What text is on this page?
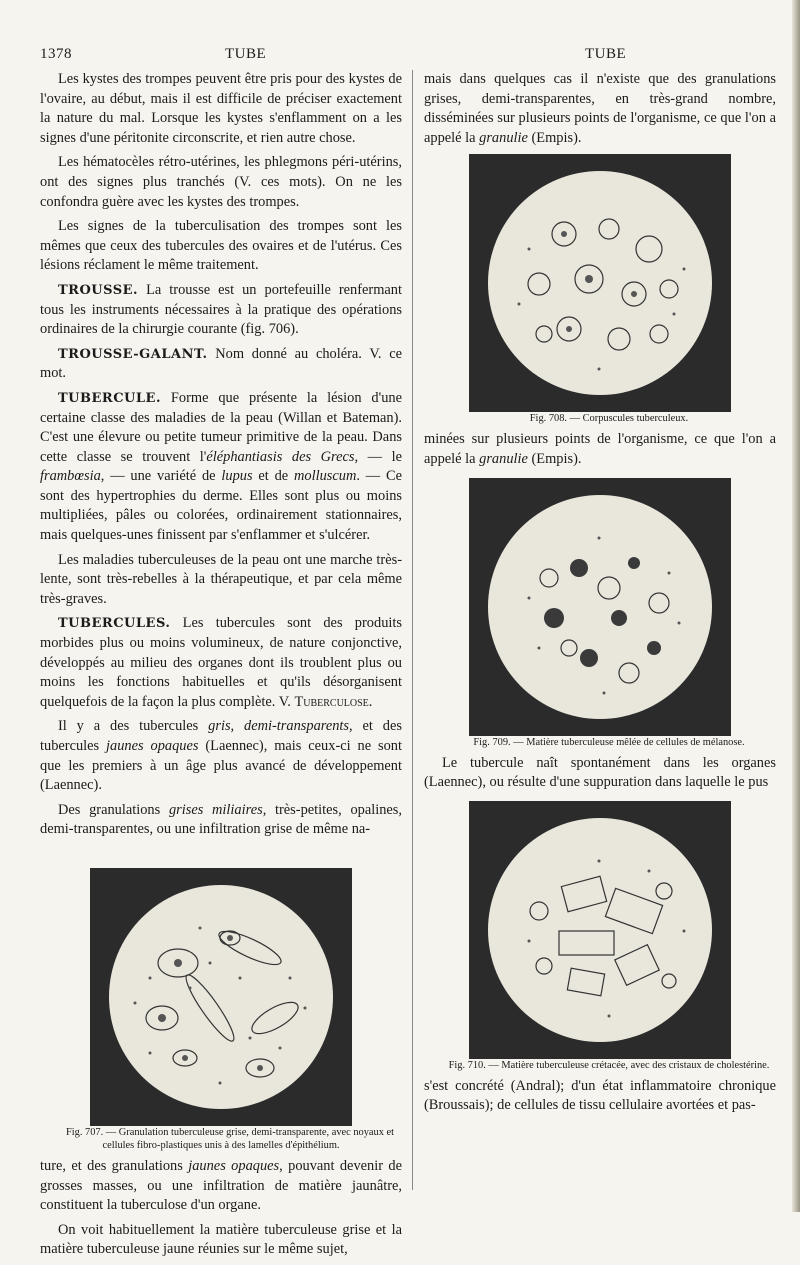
1378	TUBE	TUBE

Les kystes des trompes peuvent être pris pour des kystes de l'ovaire, au début, mais il est difficile de préciser exactement la nature du mal. Lorsque les kystes s'enflamment on a les signes d'une péritonite circonscrite, et rien autre chose.

Les hématocèles rétro-utérines, les phlegmons péri-utérins, ont des signes plus tranchés (V. ces mots). On ne les confondra guère avec les kystes des trompes.

Les signes de la tuberculisation des trompes sont les mêmes que ceux des tubercules des ovaires et de l'utérus. Ces lésions réclament le même traitement.

TROUSSE. La trousse est un portefeuille renfermant tous les instruments nécessaires à la pratique des opérations ordinaires de la chirurgie courante (fig. 706).

TROUSSE-GALANT. Nom donné au choléra. V. ce mot.

TUBERCULE. Forme que présente la lésion d'une certaine classe des maladies de la peau (Willan et Bateman). C'est une élevure ou petite tumeur primitive de la peau. Dans cette classe se trouvent l'éléphantiasis des Grecs, — le frambœsia, — une variété de lupus et de molluscum. — Ce sont des hypertrophies du derme. Elles sont plus ou moins multipliées, pâles ou colorées, ordinairement stationnaires, mais quelques-unes finissent par s'enflammer et s'ulcérer.

Les maladies tuberculeuses de la peau ont une marche très-lente, sont très-rebelles à la thérapeutique, et par cela même très-graves.

TUBERCULES. Les tubercules sont des produits morbides plus ou moins volumineux, de nature conjonctive, développés au milieu des organes dont ils troublent plus ou moins les fonctions habituelles et qu'ils désorganisent quelquefois de la façon la plus complète. V. Tuberculose.

Il y a des tubercules gris, demi-transparents, et des tubercules jaunes opaques (Laennec), mais ceux-ci ne sont que les premiers à un âge plus avancé de développement (Laennec).

Des granulations grises miliaires, très-petites, opalines, demi-transparentes, ou une infiltration grise de même na-

Fig. 707. — Granulation tuberculeuse grise, demi-transparente, avec noyaux et cellules fibro-plastiques unis à des lamelles d'épithélium.

ture, et des granulations jaunes opaques, pouvant devenir de grosses masses, ou une infiltration de matière jaunâtre, constituent la tuberculose d'un organe.

On voit habituellement la matière tuberculeuse grise et la matière tuberculeuse jaune réunies sur le même sujet,

mais dans quelques cas il n'existe que des granulations grises, demi-transparentes, en très-grand nombre, disséminées sur plusieurs points de l'organisme, ce que l'on a appelé la granulie (Empis).

Fig. 708. — Corpuscules tuberculeux.

minées sur plusieurs points de l'organisme, ce que l'on a appelé la granulie (Empis).

Fig. 709. — Matière tuberculeuse mêlée de cellules de mélanose.

Le tubercule naît spontanément dans les organes (Laennec), ou résulte d'une suppuration dans laquelle le pus

Fig. 710. — Matière tuberculeuse crétacée, avec des cristaux de cholestérine.

s'est concrété (Andral); d'un état inflammatoire chronique (Broussais); de cellules de tissu cellulaire avortées et pas-
